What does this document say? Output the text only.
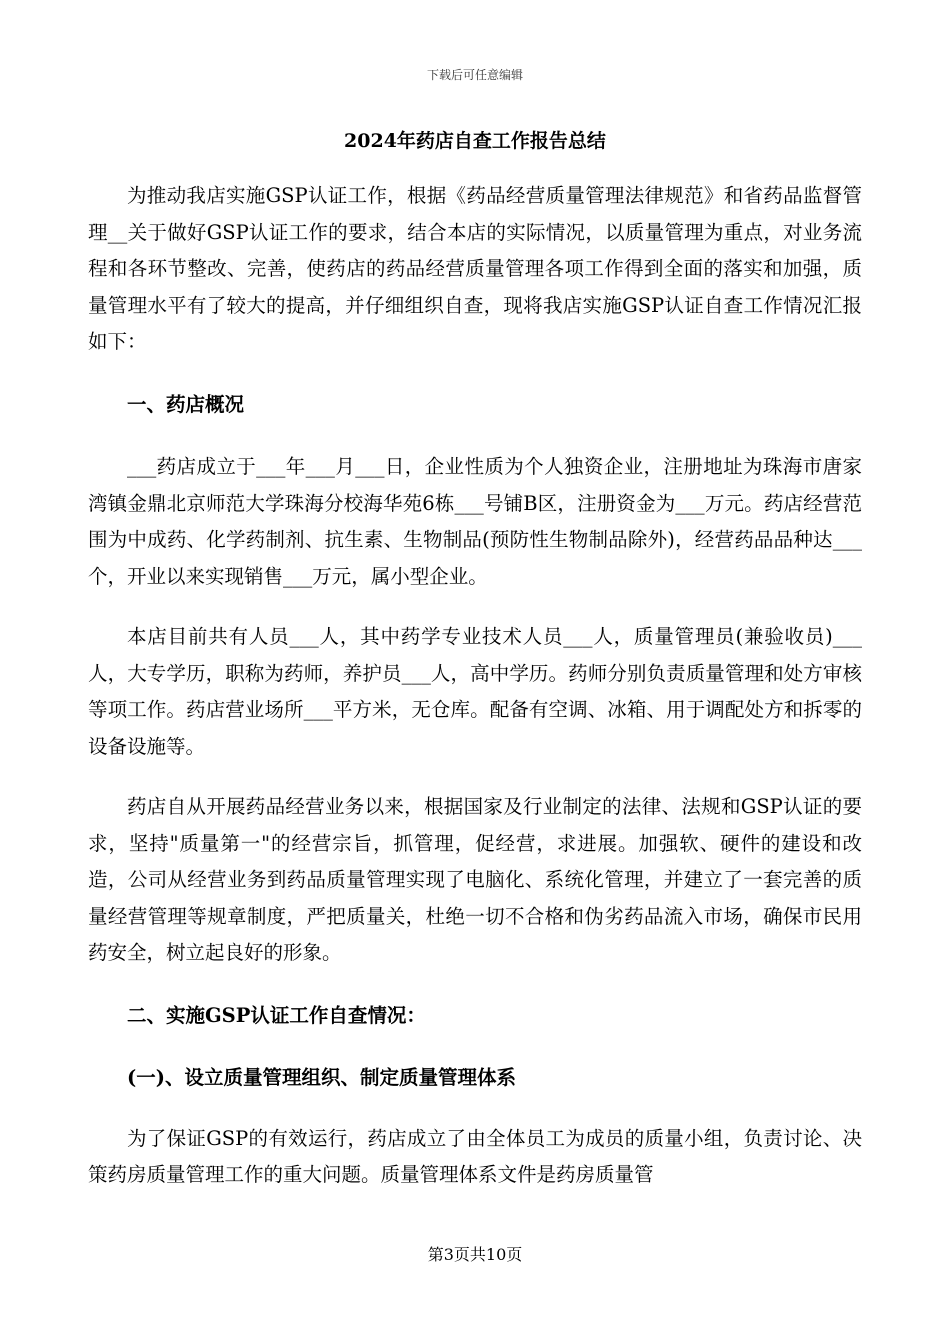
下载后可任意编辑
2024年药店自查工作报告总结

为推动我店实施GSP认证工作，根据《药品经营质量管理法律规范》和省药品监督管理__关于做好GSP认证工作的要求，结合本店的实际情况，以质量管理为重点，对业务流程和各环节整改、完善，使药店的药品经营质量管理各项工作得到全面的落实和加强，质量管理水平有了较大的提高，并仔细组织自查，现将我店实施GSP认证自查工作情况汇报如下：

一、药店概况

___药店成立于___年___月___日，企业性质为个人独资企业，注册地址为珠海市唐家湾镇金鼎北京师范大学珠海分校海华苑6栋___号铺B区，注册资金为___万元。药店经营范围为中成药、化学药制剂、抗生素、生物制品(预防性生物制品除外)，经营药品品种达___个，开业以来实现销售___万元，属小型企业。

本店目前共有人员___人，其中药学专业技术人员___人，质量管理员(兼验收员)___人，大专学历，职称为药师，养护员___人，高中学历。药师分别负责质量管理和处方审核等项工作。药店营业场所___平方米，无仓库。配备有空调、冰箱、用于调配处方和拆零的设备设施等。

药店自从开展药品经营业务以来，根据国家及行业制定的法律、法规和GSP认证的要求，坚持"质量第一"的经营宗旨，抓管理，促经营，求进展。加强软、硬件的建设和改造，公司从经营业务到药品质量管理实现了电脑化、系统化管理，并建立了一套完善的质量经营管理等规章制度，严把质量关，杜绝一切不合格和伪劣药品流入市场，确保市民用药安全，树立起良好的形象。

二、实施GSP认证工作自查情况：
(一)、设立质量管理组织、制定质量管理体系

为了保证GSP的有效运行，药店成立了由全体员工为成员的质量小组，负责讨论、决策药房质量管理工作的重大问题。质量管理体系文件是药房质量管

第3页共10页
